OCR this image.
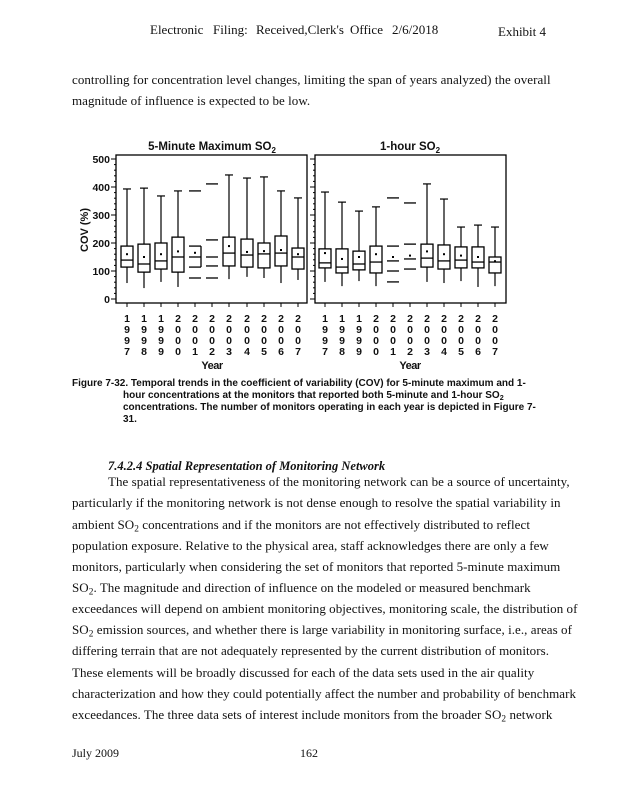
Electronic Filing: Received,Clerk's Office 2/6/2018	Exhibit 4
controlling for concentration level changes, limiting the span of years analyzed) the overall
magnitude of influence is expected to be low.
0
100
200
300
400
500
COV (%)
5-Minute Maximum $SO_2$
1
9
9
7
1
9
9
8
1
9
9
9
2
0
0
0
2
0
0
1
2
0
0
2
2
0
0
3
2
0
0
4
2
0
0
5
2
0
0
6
2
0
0
7
Year
1-hour $SO_2$
1
9
9
7
1
9
9
8
1
9
9
9
2
0
0
0
2
0
0
1
2
0
0
2
2
0
0
3
2
0
0
4
2
0
0
5
2
0
0
6
2
0
0
7
Year
Figure 7-32. Temporal trends in the coefficient of variability (COV) for 5-minute maximum and 1-
hour concentrations at the monitors that reported both 5-minute and 1-hour $SO_2$
concentrations. The number of monitors operating in each year is depicted in Figure 7-
31.
7.4.2.4 Spatial Representation of Monitoring Network
The spatial representativeness of the monitoring network can be a source of uncertainty,
particularly if the monitoring network is not dense enough to resolve the spatial variability in
ambient $SO_2$ concentrations and if the monitors are not effectively distributed to reflect
population exposure. Relative to the physical area, staff acknowledges there are only a few
monitors, particularly when considering the set of monitors that reported 5-minute maximum
$SO_2$. The magnitude and direction of influence on the modeled or measured benchmark
exceedances will depend on ambient monitoring objectives, monitoring scale, the distribution of
$SO_2$ emission sources, and whether there is large variability in monitoring surface, i.e., areas of
differing terrain that are not adequately represented by the current distribution of monitors.
These elements will be broadly discussed for each of the data sets used in the air quality
characterization and how they could potentially affect the number and probability of benchmark
exceedances. The three data sets of interest include monitors from the broader $SO_2$ network
July 2009	162
